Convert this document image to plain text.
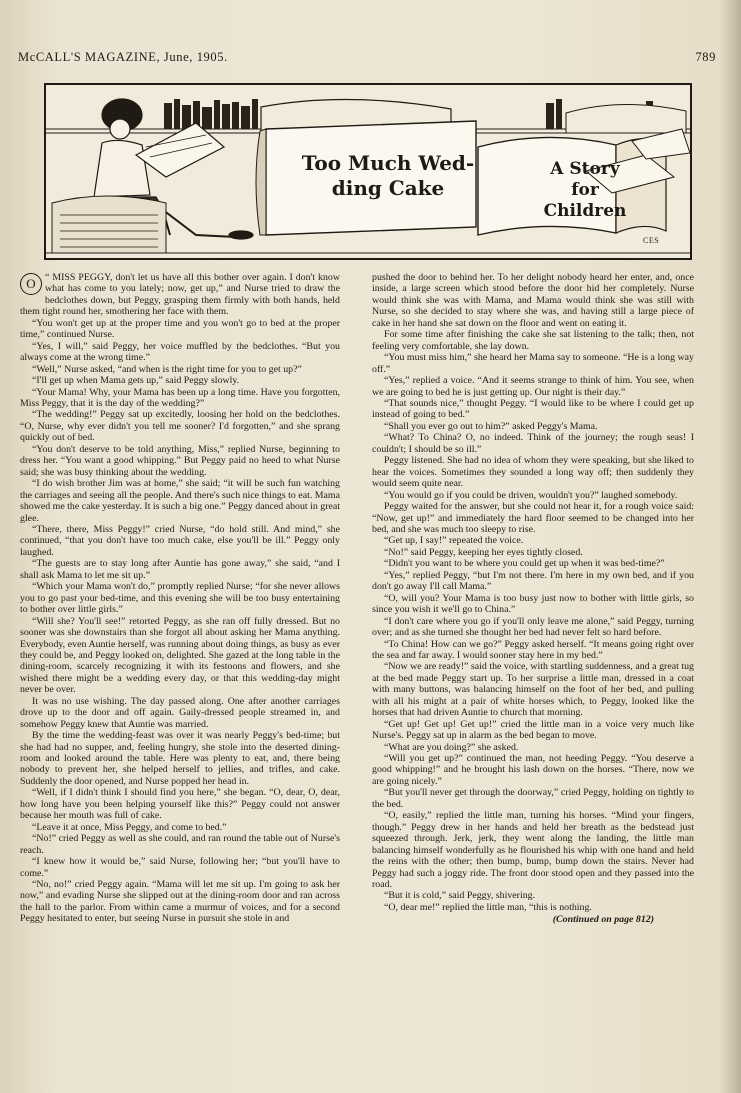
McCALL'S MAGAZINE, June, 1905.	789
Too Much Wed-
ding Cake
A Story
for
Children
CES

O “ MISS PEGGY, don't let us have all this bother over again. I don't know what has come to you lately; now, get up,” and Nurse tried to draw the bedclothes down, but Peggy, grasping them firmly with both hands, held them tight round her, smothering her face with them.

“You won't get up at the proper time and you won't go to bed at the proper time,” continued Nurse.

“Yes, I will,” said Peggy, her voice muffled by the bedclothes. “But you always come at the wrong time.”

“Well,” Nurse asked, “and when is the right time for you to get up?”

“I'll get up when Mama gets up,” said Peggy slowly.

“Your Mama! Why, your Mama has been up a long time. Have you forgotten, Miss Peggy, that it is the day of the wedding?”

“The wedding!” Peggy sat up excitedly, loosing her hold on the bedclothes. “O, Nurse, why ever didn't you tell me sooner? I'd forgotten,” and she sprang quickly out of bed.

“You don't deserve to be told anything, Miss,” replied Nurse, beginning to dress her. “You want a good whipping.” But Peggy paid no heed to what Nurse said; she was busy thinking about the wedding.

“I do wish brother Jim was at home,” she said; “it will be such fun watching the carriages and seeing all the people. And there's such nice things to eat. Mama showed me the cake yesterday. It is such a big one.” Peggy danced about in great glee.

“There, there, Miss Peggy!” cried Nurse, “do hold still. And mind,” she continued, “that you don't have too much cake, else you'll be ill.” Peggy only laughed.

“The guests are to stay long after Auntie has gone away,” she said, “and I shall ask Mama to let me sit up.”

“Which your Mama won't do,” promptly replied Nurse; “for she never allows you to go past your bed-time, and this evening she will be too busy entertaining to bother over little girls.”

“Will she? You'll see!” retorted Peggy, as she ran off fully dressed. But no sooner was she downstairs than she forgot all about asking her Mama anything. Everybody, even Auntie herself, was running about doing things, as busy as ever they could be, and Peggy looked on, delighted. She gazed at the long table in the dining-room, scarcely recognizing it with its festoons and flowers, and she wished there might be a wedding every day, or that this wedding-day might never be over.

It was no use wishing. The day passed along. One after another carriages drove up to the door and off again. Gaily-dressed people streamed in, and somehow Peggy knew that Auntie was married.

By the time the wedding-feast was over it was nearly Peggy's bed-time; but she had had no supper, and, feeling hungry, she stole into the deserted dining-room and looked around the table. Here was plenty to eat, and, there being nobody to prevent her, she helped herself to jellies, and trifles, and cake. Suddenly the door opened, and Nurse popped her head in.

“Well, if I didn't think I should find you here,” she began. “O, dear, O, dear, how long have you been helping yourself like this?” Peggy could not answer because her mouth was full of cake.

“Leave it at once, Miss Peggy, and come to bed.”

“No!” cried Peggy as well as she could, and ran round the table out of Nurse's reach.

“I knew how it would be,” said Nurse, following her; “but you'll have to come.”

“No, no!” cried Peggy again. “Mama will let me sit up. I'm going to ask her now,” and evading Nurse she slipped out at the dining-room door and ran across the hall to the parlor. From within came a murmur of voices, and for a second Peggy hesitated to enter, but seeing Nurse in pursuit she stole in and

pushed the door to behind her. To her delight nobody heard her enter, and, once inside, a large screen which stood before the door hid her completely. Nurse would think she was with Mama, and Mama would think she was still with Nurse, so she decided to stay where she was, and having still a large piece of cake in her hand she sat down on the floor and went on eating it.

For some time after finishing the cake she sat listening to the talk; then, not feeling very comfortable, she lay down.

“You must miss him,” she heard her Mama say to someone. “He is a long way off.”

“Yes,” replied a voice. “And it seems strange to think of him. You see, when we are going to bed he is just getting up. Our night is their day.”

“That sounds nice,” thought Peggy. “I would like to be where I could get up instead of going to bed.”

“Shall you ever go out to him?” asked Peggy's Mama.

“What? To China? O, no indeed. Think of the journey; the rough seas! I couldn't; I should be so ill.”

Peggy listened. She had no idea of whom they were speaking, but she liked to hear the voices. Sometimes they sounded a long way off; then suddenly they would seem quite near.

“You would go if you could be driven, wouldn't you?” laughed somebody.

Peggy waited for the answer, but she could not hear it, for a rough voice said: “Now, get up!” and immediately the hard floor seemed to be changed into her bed, and she was much too sleepy to rise.

“Get up, I say!” repeated the voice.

“No!” said Peggy, keeping her eyes tightly closed.

“Didn't you want to be where you could get up when it was bed-time?”

“Yes,” replied Peggy, “but I'm not there. I'm here in my own bed, and if you don't go away I'll call Mama.”

“O, will you? Your Mama is too busy just now to bother with little girls, so since you wish it we'll go to China.”

“I don't care where you go if you'll only leave me alone,” said Peggy, turning over; and as she turned she thought her bed had never felt so hard before.

“To China! How can we go?” Peggy asked herself. “It means going right over the sea and far away. I would sooner stay here in my bed.”

“Now we are ready!” said the voice, with startling suddenness, and a great tug at the bed made Peggy start up. To her surprise a little man, dressed in a coat with many buttons, was balancing himself on the foot of her bed, and pulling with all his might at a pair of white horses which, to Peggy, looked like the horses that had driven Auntie to church that morning.

“Get up! Get up! Get up!” cried the little man in a voice very much like Nurse's. Peggy sat up in alarm as the bed began to move.

“What are you doing?” she asked.

“Will you get up?” continued the man, not heeding Peggy. “You deserve a good whipping!” and he brought his lash down on the horses. “There, now we are going nicely.”

“But you'll never get through the doorway,” cried Peggy, holding on tightly to the bed.

“O, easily,” replied the little man, turning his horses. “Mind your fingers, though.” Peggy drew in her hands and held her breath as the bedstead just squeezed through. Jerk, jerk, they went along the landing, the little man balancing himself wonderfully as he flourished his whip with one hand and held the reins with the other; then bump, bump, bump down the stairs. Never had Peggy had such a joggy ride. The front door stood open and they passed into the road.

“But it is cold,” said Peggy, shivering.

“O, dear me!” replied the little man, “this is nothing.

(Continued on page 812)
